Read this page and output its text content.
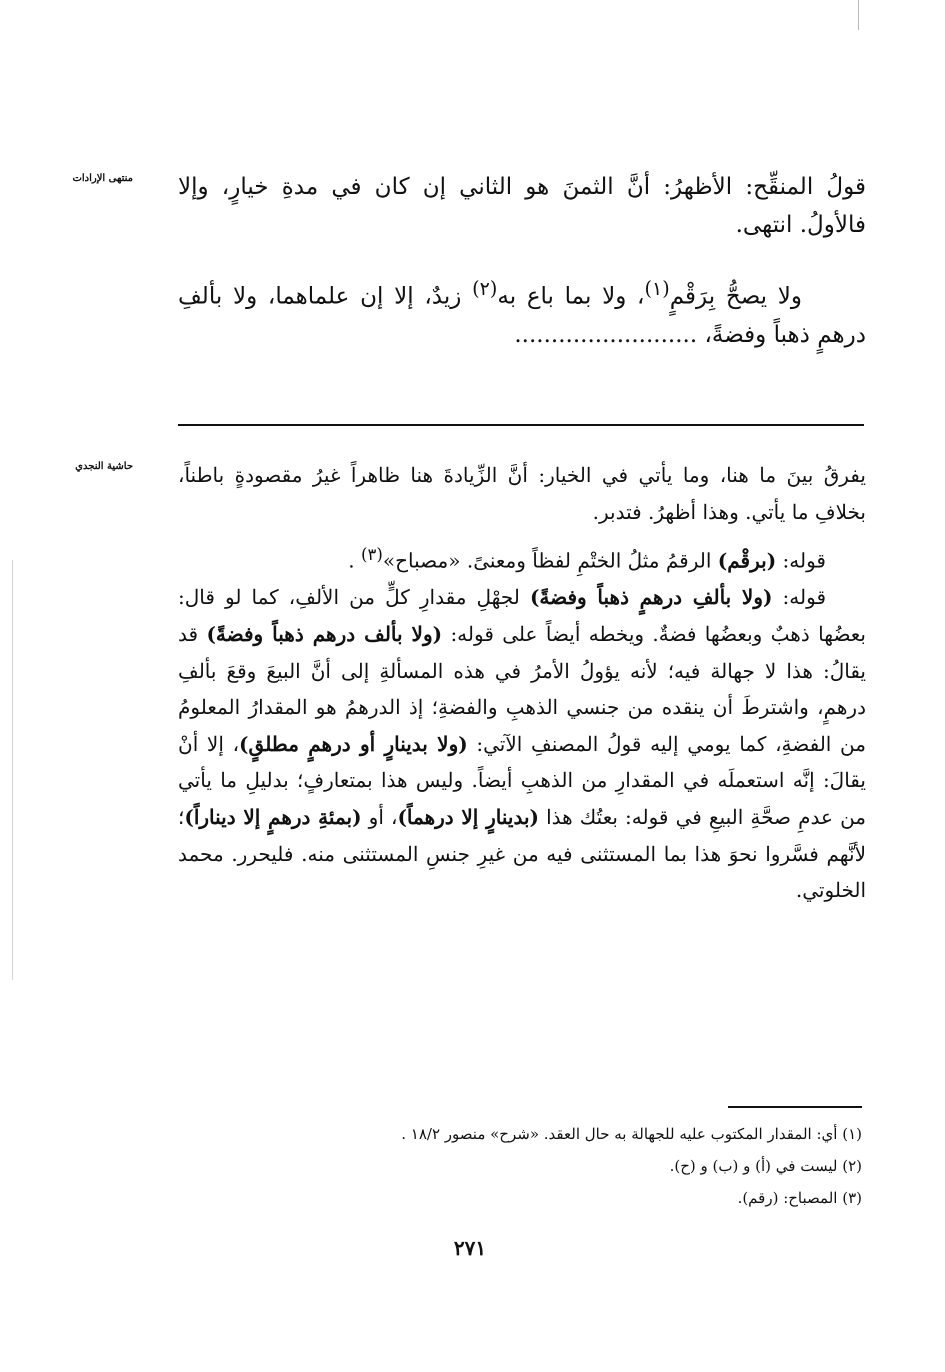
منتهى الإرادات
حاشية النجدي

قولُ المنقِّح: الأظهرُ: أنَّ الثمنَ هو الثاني إن كان في مدةِ خيارٍ، وإلا فالأولُ. انتهى.

ولا يصحُّ بِرَقْمٍ$^{(١)}$، ولا بما باع به$^{(٢)}$ زيدٌ، إلا إن علماهما، ولا بألفِ درهمٍ ذهباً وفضةً، .........................

يفرقُ بينَ ما هنا، وما يأتي في الخيار: أنَّ الزِّيادةَ هنا ظاهراً غيرُ مقصودةٍ باطناً، بخلافِ ما يأتي. وهذا أظهرُ. فتدبر.

قوله: (برقْم) الرقمُ مثلُ الختْمِ لفظاً ومعنىً. «مصباح»$^{(٣)}$ .

قوله: (ولا بألفِ درهمٍ ذهباً وفضةً) لجهْلِ مقدارِ كلٍّ من الألفِ، كما لو قال: بعضُها ذهبٌ وبعضُها فضةٌ. ويخطه أيضاً على قوله: (ولا بألف درهم ذهباً وفضةً) قد يقالُ: هذا لا جهالة فيه؛ لأنه يؤولُ الأمرُ في هذه المسألةِ إلى أنَّ البيعَ وقعَ بألفِ درهمٍ، واشترطَ أن ينقده من جنسي الذهبِ والفضةِ؛ إذ الدرهمُ هو المقدارُ المعلومُ من الفضةِ، كما يومي إليه قولُ المصنفِ الآتي: (ولا بدينارٍ أو درهمٍ مطلقٍ)، إلا أنْ يقالَ: إنَّه استعملَه في المقدارِ من الذهبِ أيضاً. وليس هذا بمتعارفٍ؛ بدليلِ ما يأتي من عدمِ صحَّةِ البيعِ في قوله: بعتُك هذا (بدينارٍ إلا درهماً)، أو (بمئةِ درهمٍ إلا ديناراً)؛ لأنَّهم فسَّروا نحوَ هذا بما المستثنى فيه من غيرِ جنسِ المستثنى منه. فليحرر. محمد الخلوتي.

(١) أي: المقدار المكتوب عليه للجهالة به حال العقد. «شرح» منصور ١٨/٢ .
(٢) ليست في (أ) و (ب) و (ح).
(٣) المصباح: (رقم).
٢٧١
